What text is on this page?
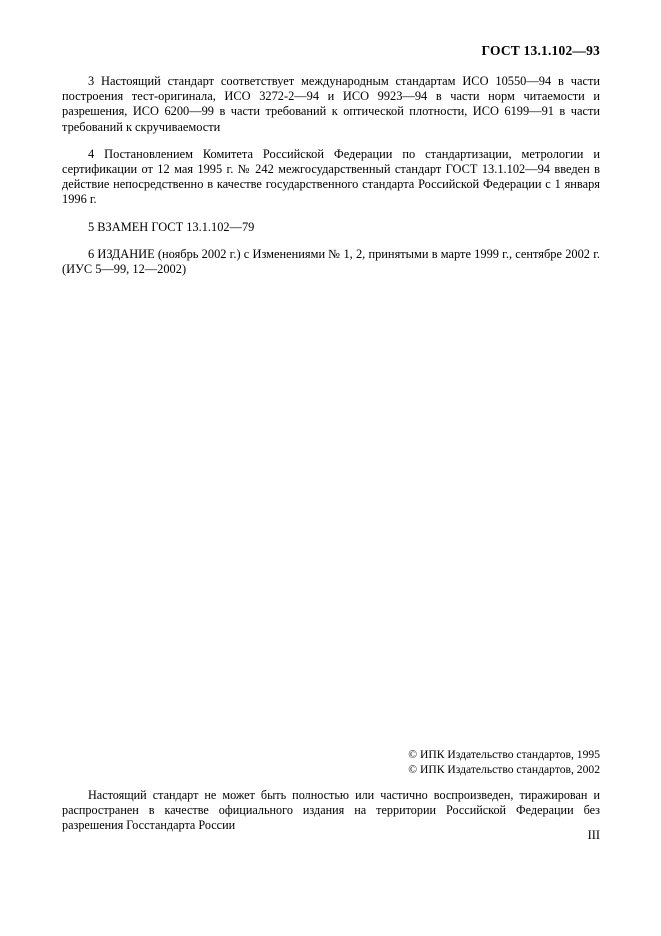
ГОСТ 13.1.102—93

3 Настоящий стандарт соответствует международным стандартам ИСО 10550—94 в части построения тест-оригинала, ИСО 3272-2—94 и ИСО 9923—94 в части норм читаемости и разрешения, ИСО 6200—99 в части требований к оптической плотности, ИСО 6199—91 в части требований к скручиваемости

4 Постановлением Комитета Российской Федерации по стандартизации, метрологии и сертификации от 12 мая 1995 г. № 242 межгосударственный стандарт ГОСТ 13.1.102—94 введен в действие непосредственно в качестве государственного стандарта Российской Федерации с 1 января 1996 г.

5 ВЗАМЕН ГОСТ 13.1.102—79

6 ИЗДАНИЕ (ноябрь 2002 г.) с Изменениями № 1, 2, принятыми в марте 1999 г., сентябре 2002 г. (ИУС 5—99, 12—2002)

© ИПК Издательство стандартов, 1995
© ИПК Издательство стандартов, 2002

Настоящий стандарт не может быть полностью или частично воспроизведен, тиражирован и распространен в качестве официального издания на территории Российской Федерации без разрешения Госстандарта России

III
